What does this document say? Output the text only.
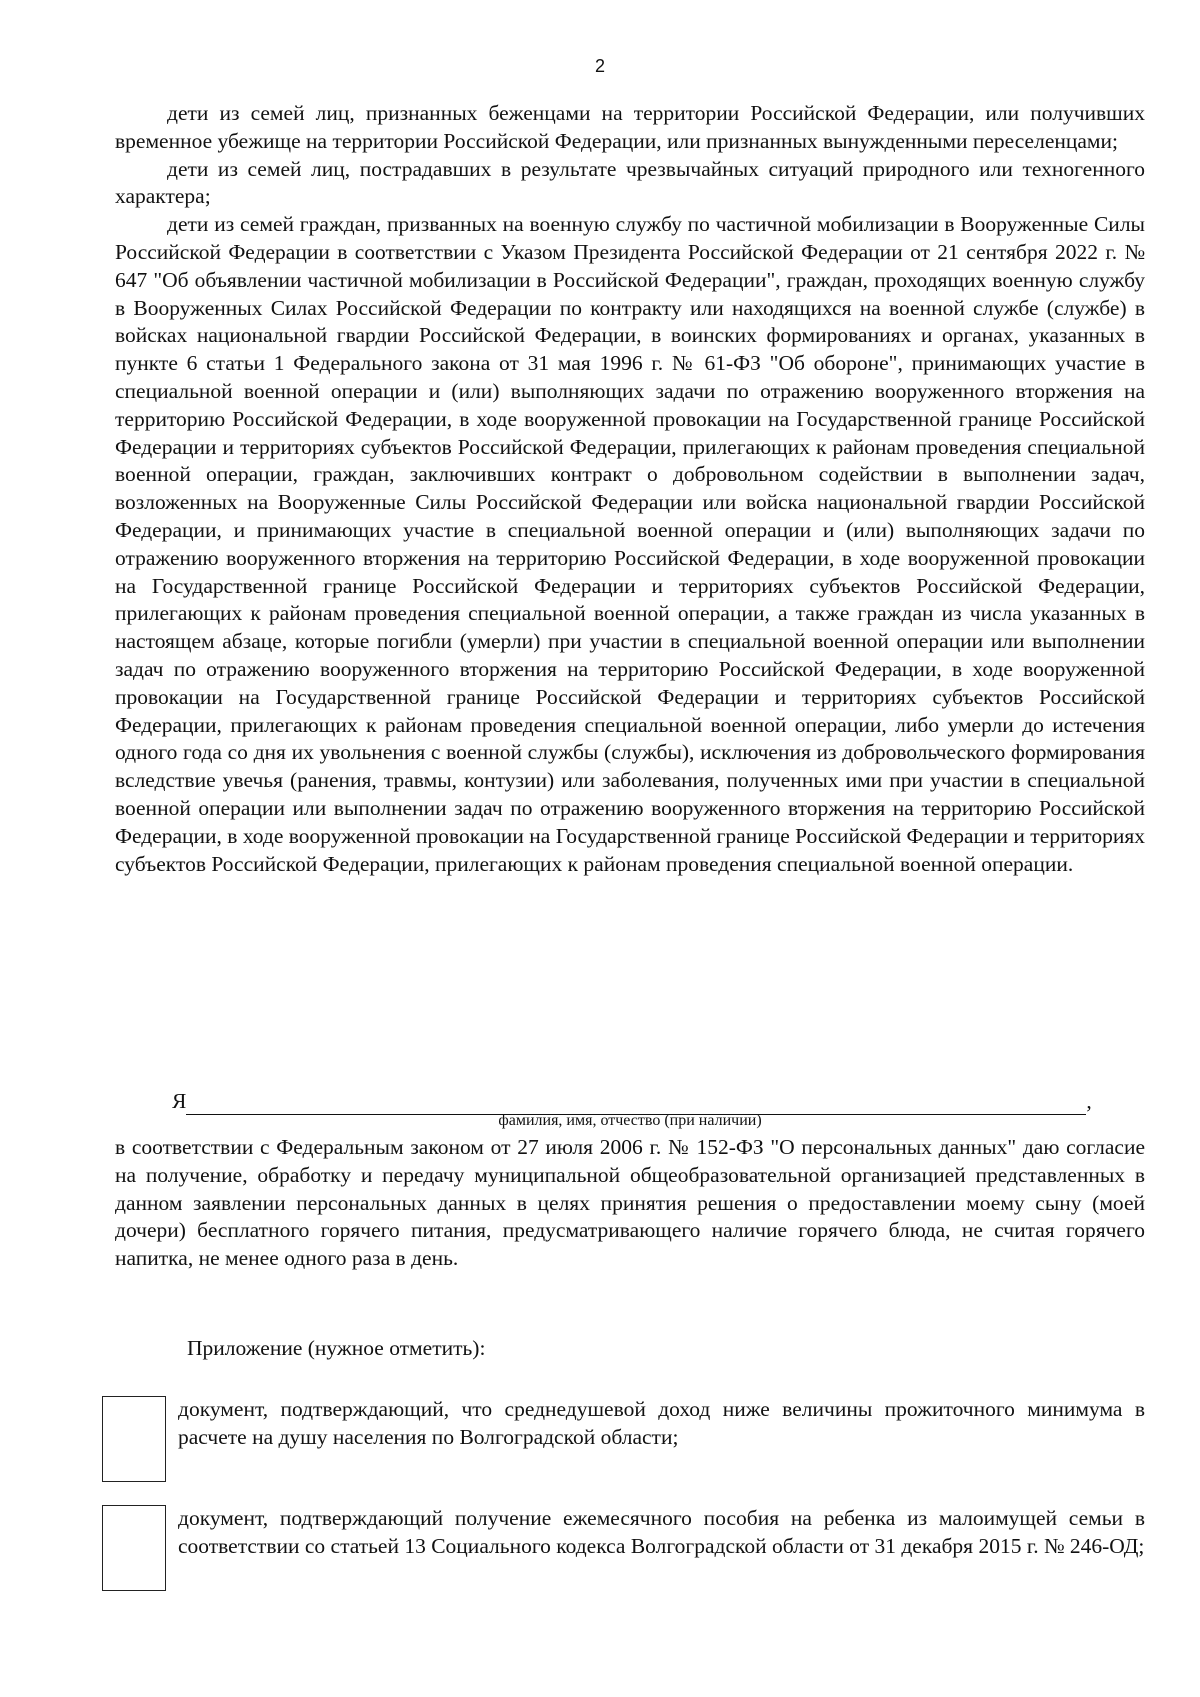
2

дети из семей лиц, признанных беженцами на территории Российской Федерации, или получивших временное убежище на территории Российской Федерации, или признанных вынужденными переселенцами;

дети из семей лиц, пострадавших в результате чрезвычайных ситуаций природного или техногенного характера;

дети из семей граждан, призванных на военную службу по частичной мобилизации в Вооруженные Силы Российской Федерации в соответствии с Указом Президента Российской Федерации от 21 сентября 2022 г. № 647 "Об объявлении частичной мобилизации в Российской Федерации", граждан, проходящих военную службу в Вооруженных Силах Российской Федерации по контракту или находящихся на военной службе (службе) в войсках национальной гвардии Российской Федерации, в воинских формированиях и органах, указанных в пункте 6 статьи 1 Федерального закона от 31 мая 1996 г. № 61-ФЗ "Об обороне", принимающих участие в специальной военной операции и (или) выполняющих задачи по отражению вооруженного вторжения на территорию Российской Федерации, в ходе вооруженной провокации на Государственной границе Российской Федерации и территориях субъектов Российской Федерации, прилегающих к районам проведения специальной военной операции, граждан, заключивших контракт о добровольном содействии в выполнении задач, возложенных на Вооруженные Силы Российской Федерации или войска национальной гвардии Российской Федерации, и принимающих участие в специальной военной операции и (или) выполняющих задачи по отражению вооруженного вторжения на территорию Российской Федерации, в ходе вооруженной провокации на Государственной границе Российской Федерации и территориях субъектов Российской Федерации, прилегающих к районам проведения специальной военной операции, а также граждан из числа указанных в настоящем абзаце, которые погибли (умерли) при участии в специальной военной операции или выполнении задач по отражению вооруженного вторжения на территорию Российской Федерации, в ходе вооруженной провокации на Государственной границе Российской Федерации и территориях субъектов Российской Федерации, прилегающих к районам проведения специальной военной операции, либо умерли до истечения одного года со дня их увольнения с военной службы (службы), исключения из добровольческого формирования вследствие увечья (ранения, травмы, контузии) или заболевания, полученных ими при участии в специальной военной операции или выполнении задач по отражению вооруженного вторжения на территорию Российской Федерации, в ходе вооруженной провокации на Государственной границе Российской Федерации и территориях субъектов Российской Федерации, прилегающих к районам проведения специальной военной операции.

Я	,
фамилия, имя, отчество (при наличии)
в соответствии с Федеральным законом от 27 июля 2006 г. № 152-ФЗ "О персональных данных" даю согласие на получение, обработку и передачу муниципальной общеобразовательной организацией представленных в данном заявлении персональных данных в целях принятия решения о предоставлении моему сыну (моей дочери) бесплатного горячего питания, предусматривающего наличие горячего блюда, не считая горячего напитка, не менее одного раза в день.
Приложение (нужное отметить):
документ, подтверждающий, что среднедушевой доход ниже величины прожиточного минимума в расчете на душу населения по Волгоградской области;
документ, подтверждающий получение ежемесячного пособия на ребенка из малоимущей семьи в соответствии со статьей 13 Социального кодекса Волгоградской области от 31 декабря 2015 г. № 246-ОД;
